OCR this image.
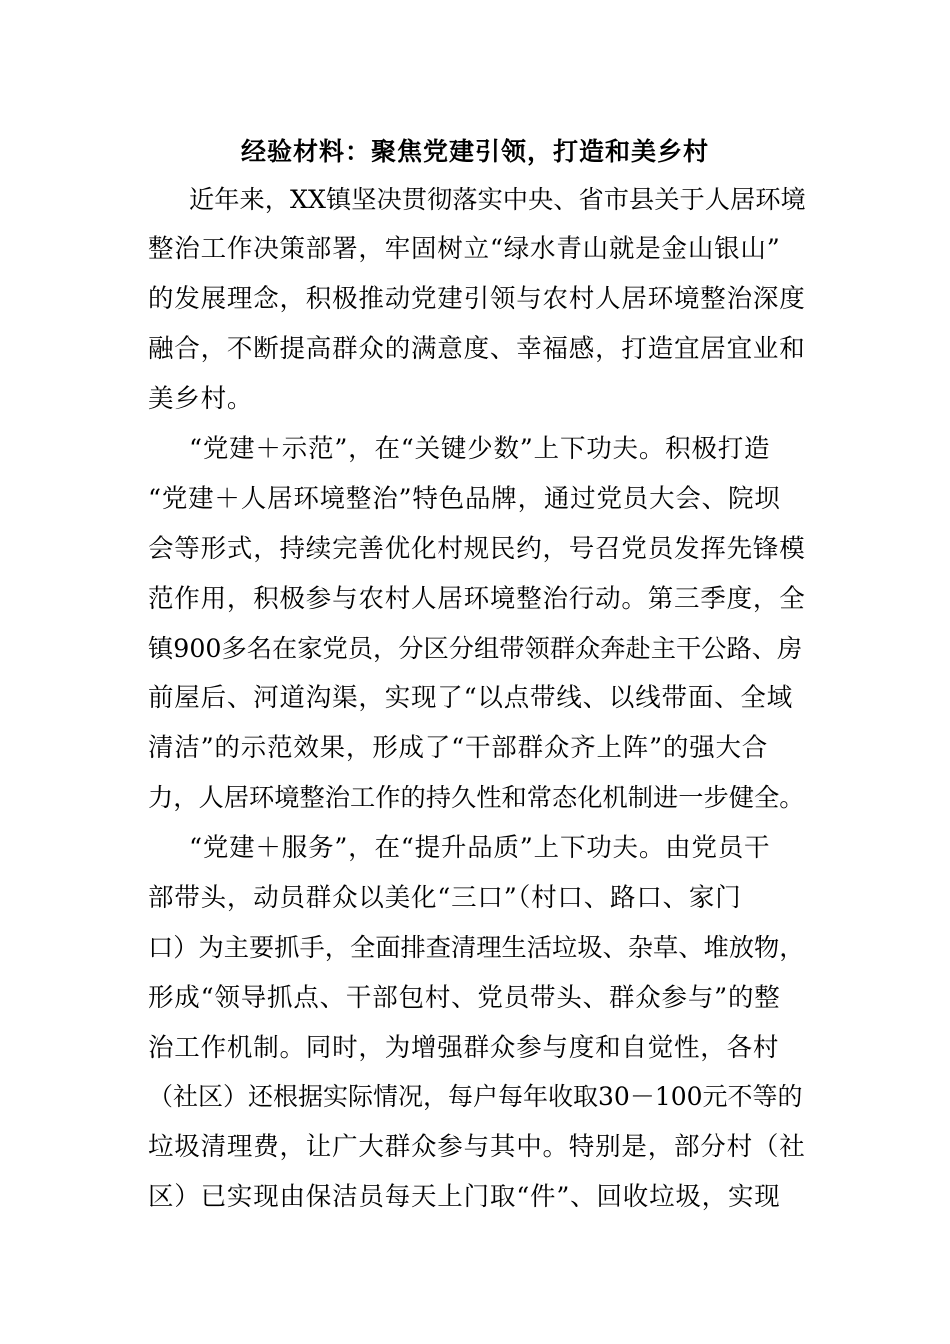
经验材料：聚焦党建引领，打造和美乡村
近年来，XX镇坚决贯彻落实中央、省市县关于人居环境
整治工作决策部署，牢固树立“绿水青山就是金山银山”
的发展理念，积极推动党建引领与农村人居环境整治深度
融合，不断提高群众的满意度、幸福感，打造宜居宜业和
美乡村。
“党建＋示范”，在“关键少数”上下功夫。积极打造
“党建＋人居环境整治”特色品牌，通过党员大会、院坝
会等形式，持续完善优化村规民约，号召党员发挥先锋模
范作用，积极参与农村人居环境整治行动。第三季度，全
镇900多名在家党员，分区分组带领群众奔赴主干公路、房
前屋后、河道沟渠，实现了“以点带线、以线带面、全域
清洁”的示范效果，形成了“干部群众齐上阵”的强大合
力，人居环境整治工作的持久性和常态化机制进一步健全。
“党建＋服务”，在“提升品质”上下功夫。由党员干
部带头，动员群众以美化“三口”（村口、路口、家门
口）为主要抓手，全面排查清理生活垃圾、杂草、堆放物，
形成“领导抓点、干部包村、党员带头、群众参与”的整
治工作机制。同时，为增强群众参与度和自觉性，各村
（社区）还根据实际情况，每户每年收取30－100元不等的
垃圾清理费，让广大群众参与其中。特别是，部分村（社
区）已实现由保洁员每天上门取“件”、回收垃圾，实现
